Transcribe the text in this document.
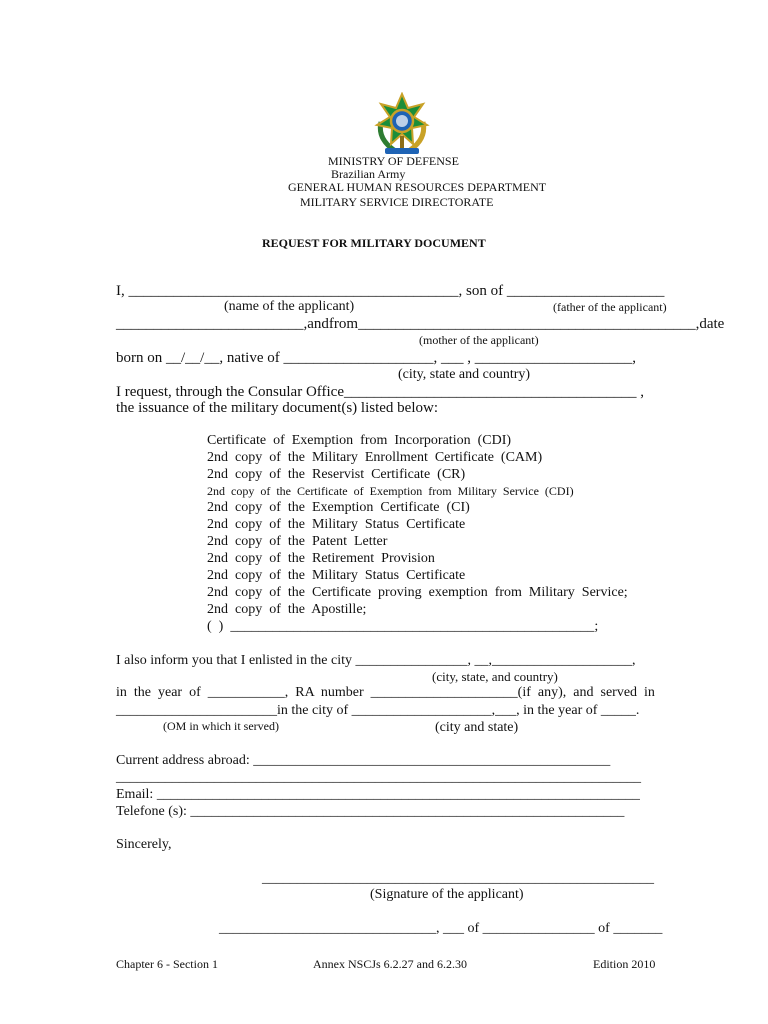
MINISTRY OF DEFENSE
Brazilian Army
GENERAL HUMAN RESOURCES DEPARTMENT
MILITARY SERVICE DIRECTORATE
REQUEST FOR MILITARY DOCUMENT
I, ____________________________________________, son of _____________________
(name of the applicant)	(father of the applicant)
_________________________, and from _____________________________________________ , date
(mother of the applicant)
born on __/__/__, native of ____________________, ___ , _____________________,
(city, state and country)
I request, through the Consular Office_______________________________________ ,
the issuance of the military document(s) listed below:
Certificate  of  Exemption  from  Incorporation  (CDI)
2nd  copy  of  the  Military  Enrollment  Certificate  (CAM)
2nd  copy  of  the  Reservist  Certificate  (CR)
2nd  copy  of  the  Certificate  of  Exemption  from  Military  Service  (CDI)
2nd  copy  of  the  Exemption  Certificate  (CI)
2nd  copy  of  the  Military  Status  Certificate
2nd  copy  of  the  Patent  Letter
2nd  copy  of  the  Retirement  Provision
2nd  copy  of  the  Military  Status  Certificate
2nd  copy  of  the  Certificate  proving  exemption  from  Military  Service;
2nd  copy  of  the  Apostille;
(  )  ____________________________________________________;
I also inform you that I enlisted in the city ________________, __,____________________,
(city, state, and country)
in  the  year  of  ___________,  RA  number  _____________________(if  any),  and  served  in
_______________________in the city of ____________________,___, in the year of _____.
(OM in which it served)	(city and state)
Current address abroad: ___________________________________________________
___________________________________________________________________________
Email: _____________________________________________________________________
Telefone (s): ______________________________________________________________
Sincerely,
________________________________________________________
(Signature of the applicant)
_______________________________, ___ of ________________ of _______
Chapter 6 - Section 1	Annex NSCJs 6.2.27 and 6.2.30	Edition 2010
